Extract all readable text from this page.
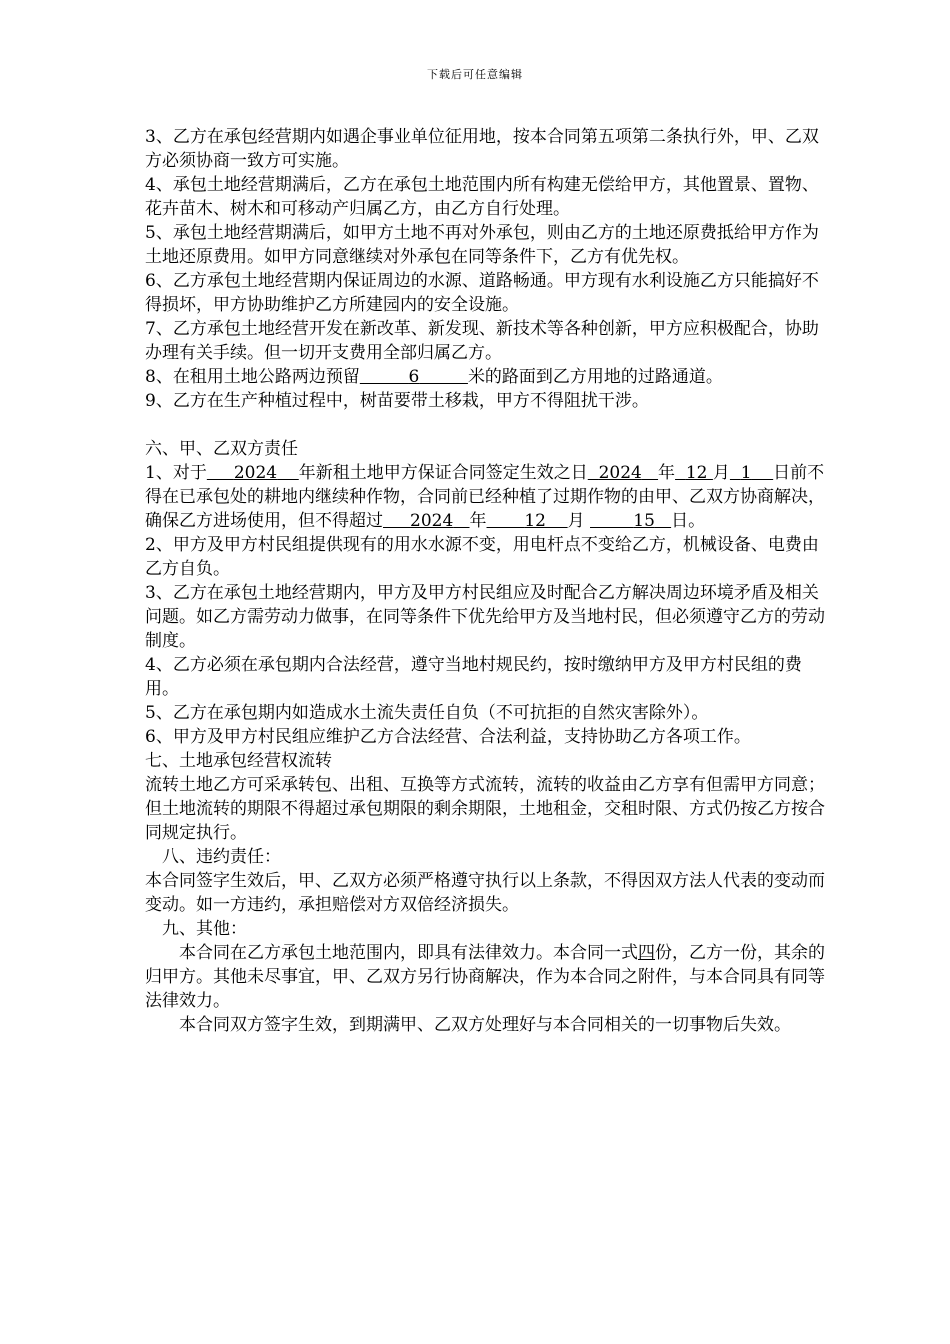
下载后可任意编辑

3、乙方在承包经营期内如遇企事业单位征用地，按本合同第五项第二条执行外，甲、乙双方必须协商一致方可实施。

4、承包土地经营期满后，乙方在承包土地范围内所有构建无偿给甲方，其他置景、置物、花卉苗木、树木和可移动产归属乙方，由乙方自行处理。

5、承包土地经营期满后，如甲方土地不再对外承包，则由乙方的土地还原费抵给甲方作为土地还原费用。如甲方同意继续对外承包在同等条件下，乙方有优先权。

6、乙方承包土地经营期内保证周边的水源、道路畅通。甲方现有水利设施乙方只能搞好不得损坏，甲方协助维护乙方所建园内的安全设施。

7、乙方承包土地经营开发在新改革、新发现、新技术等各种创新，甲方应积极配合，协助办理有关手续。但一切开支费用全部归属乙方。

8、在租用土地公路两边预留	6	米的路面到乙方用地的过路通道。

9、乙方在生产种植过程中，树苗要带土移栽，甲方不得阻扰干涉。

六、甲、乙双方责任

1、对于 2024 年新租土地甲方保证合同签定生效之日 2024 年 12 月 1 日前不得在已承包处的耕地内继续种作物，合同前已经种植了过期作物的由甲、乙双方协商解决，确保乙方进场使用，但不得超过 2024 年 12 月	15 日。

2、甲方及甲方村民组提供现有的用水水源不变，用电杆点不变给乙方，机械设备、电费由乙方自负。

3、乙方在承包土地经营期内，甲方及甲方村民组应及时配合乙方解决周边环境矛盾及相关问题。如乙方需劳动力做事，在同等条件下优先给甲方及当地村民，但必须遵守乙方的劳动制度。

4、乙方必须在承包期内合法经营，遵守当地村规民约，按时缴纳甲方及甲方村民组的费用。

5、乙方在承包期内如造成水土流失责任自负（不可抗拒的自然灾害除外）。

6、甲方及甲方村民组应维护乙方合法经营、合法利益，支持协助乙方各项工作。

七、土地承包经营权流转

流转土地乙方可采承转包、出租、互换等方式流转，流转的收益由乙方享有但需甲方同意；但土地流转的期限不得超过承包期限的剩余期限，土地租金，交租时限、方式仍按乙方按合同规定执行。

八、违约责任：

本合同签字生效后，甲、乙双方必须严格遵守执行以上条款，不得因双方法人代表的变动而变动。如一方违约，承担赔偿对方双倍经济损失。

九、其他：

本合同在乙方承包土地范围内，即具有法律效力。本合同一式四份，乙方一份，其余的归甲方。其他未尽事宜，甲、乙双方另行协商解决，作为本合同之附件，与本合同具有同等法律效力。

本合同双方签字生效，到期满甲、乙双方处理好与本合同相关的一切事物后失效。
